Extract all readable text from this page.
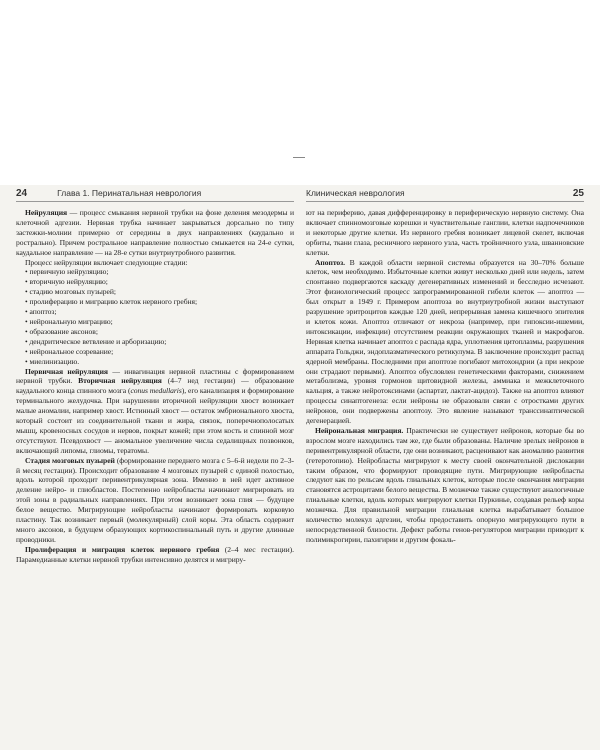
24	Глава 1. Перинатальная неврология

Нейруляция — процесс смыкания нервной трубки на фоне деления мезодермы и клеточной адгезии. Нервная трубка начинает закрываться дорсально по типу застежки-молнии примерно от середины в двух направлениях (каудально и рострально). Причем ростральное направление полностью смыкается на 24-е сутки, каудальное направление — на 28-е сутки внутриутробного развития.

Процесс нейруляции включает следующие стадии:

• первичную нейруляцию;
• вторичную нейруляцию;
• стадию мозговых пузырей;
• пролиферацию и миграцию клеток нервного гребня;
• апоптоз;
• нейрональную миграцию;
• образование аксонов;
• дендритическое ветвление и арборизацию;
• нейрональное созревание;
• миелинизацию.

Первичная нейруляция — инвагинация нервной пластины с формированием нервной трубки. Вторичная нейруляция (4–7 нед гестации) — образование каудального конца спинного мозга (conus medullaris), его канализация и формирование терминального желудочка. При нарушении вторичной нейруляции хвост возникает малые аномалии, например хвост. Истинный хвост — остаток эмбрионального хвоста, который состоит из соединительной ткани и жира, связок, поперечнополосатых мышц, кровеносных сосудов и нервов, покрыт кожей; при этом кость и спинной мозг отсутствуют. Псевдохвост — аномальное увеличение числа седалищных позвонков, включающий липомы, глиомы, тератомы.

Стадия мозговых пузырей (формирование переднего мозга с 5–6-й недели по 2–3-й месяц гестации). Происходит образование 4 мозговых пузырей с единой полостью, вдоль которой проходит перивентрикулярная зона. Именно в ней идет активное деление нейро- и глиобластов. Постепенно нейробласты начинают мигрировать из этой зоны в радиальных направлениях. При этом возникает зона глия — будущее белое вещество. Мигрирующие нейробласты начинают формировать корковую пластину. Так возникает первый (молекулярный) слой коры. Эта область содержит много аксонов, в будущем образующих кортикоспинальный путь и другие длинные проводники.

Пролиферация и миграция клеток нервного гребня (2–4 мес гестации). Парамедианные клетки нервной трубки интенсивно делятся и мигриру-

Клиническая неврология	25

ют на периферию, давая дифференцировку в периферическую нервную систему. Она включает спинномозговые корешки и чувствительные ганглии, клетки надпочечников и некоторые другие клетки. Из нервного гребня возникает лицевой скелет, включая орбиты, ткани глаза, ресничного нервного узла, часть тройничного узла, шванновские клетки.

Апоптоз. В каждой области нервной системы образуется на 30–70% больше клеток, чем необходимо. Избыточные клетки живут несколько дней или недель, затем спонтанно подвергаются каскаду дегенеративных изменений и бесследно исчезают. Этот физиологический процесс запрограммированной гибели клеток — апоптоз — был открыт в 1949 г. Примером апоптоза во внутриутробной жизни выступают разрушение эритроцитов каждые 120 дней, непрерывная замена кишечного эпителия и клеток кожи. Апоптоз отличают от некроза (например, при гипоксии-ишемии, интоксикации, инфекции) отсутствием реакции окружающих тканей и макрофагов. Нервная клетка начинает апоптоз с распада ядра, уплотнения цитоплазмы, разрушения аппарата Гольджи, эндоплазматического ретикулума. В заключение происходит распад ядерной мембраны. Последними при апоптозе погибают митохондрии (а при некрозе они страдают первыми). Апоптоз обусловлен генетическими факторами, снижением метаболизма, уровня гормонов щитовидной железы, аммиака и межклеточного кальция, а также нейротоксинами (аспартат, лактат-ацидоз). Также на апоптоз влияют процессы синаптогенеза: если нейроны не образовали связи с отростками других нейронов, они подвержены апоптозу. Это явление называют транссинаптической дегенерацией.

Нейрональная миграция. Практически не существует нейронов, которые бы во взрослом мозге находились там же, где были образованы. Наличие зрелых нейронов в перивентрикулярной области, где они возникают, расценивают как аномалию развития (гетеротопию). Нейробласты мигрируют к месту своей окончательной дислокации таким образом, что формируют проводящие пути. Мигрирующие нейробласты следуют как по рельсам вдоль глиальных клеток, которые после окончания миграции становятся астроцитами белого вещества. В мозжечке также существуют аналогичные глиальные клетки, вдоль которых мигрируют клетки Пуркинье, создавая рельеф коры мозжечка. Для правильной миграции глиальная клетка вырабатывает большое количество молекул адгезии, чтобы предоставить опорную мигрирующего пути в непосредственной близости. Дефект работы генов-регуляторов миграции приводит к полимикрогирии, пахигирии и другим фокаль-
